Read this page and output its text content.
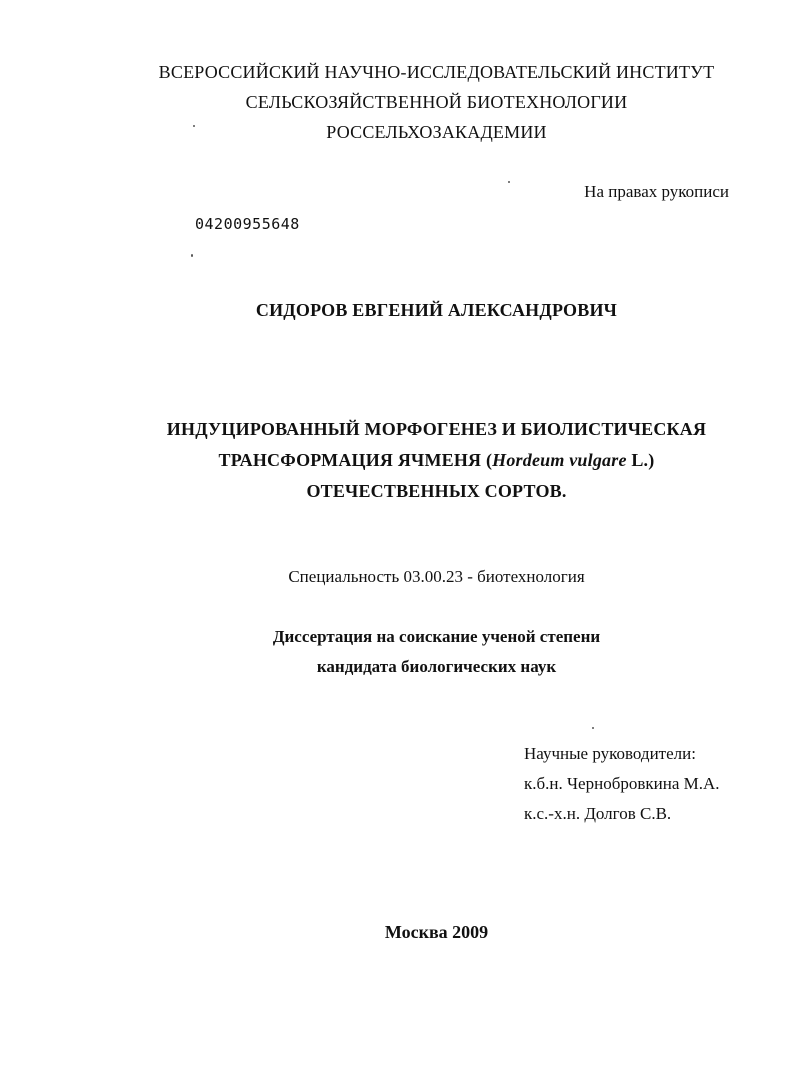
ВСЕРОССИЙСКИЙ НАУЧНО-ИССЛЕДОВАТЕЛЬСКИЙ ИНСТИТУТ
СЕЛЬСКОЗЯЙСТВЕННОЙ БИОТЕХНОЛОГИИ
РОССЕЛЬХОЗАКАДЕМИИ
На правах рукописи
04200955648
СИДОРОВ ЕВГЕНИЙ АЛЕКСАНДРОВИЧ
ИНДУЦИРОВАННЫЙ МОРФОГЕНЕЗ И БИОЛИСТИЧЕСКАЯ
ТРАНСФОРМАЦИЯ ЯЧМЕНЯ (Hordeum vulgare L.)
ОТЕЧЕСТВЕННЫХ СОРТОВ.
Специальность 03.00.23 - биотехнология
Диссертация на соискание ученой степени
кандидата биологических наук
Научные руководители:
к.б.н. Чернобровкина М.А.
к.с.-х.н. Долгов С.В.
Москва 2009
